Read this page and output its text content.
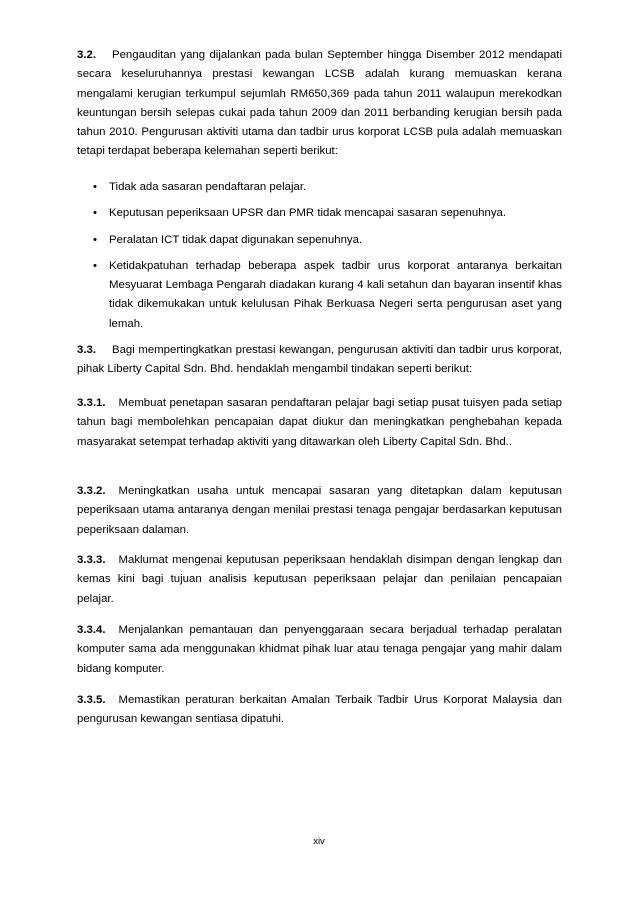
3.2. Pengauditan yang dijalankan pada bulan September hingga Disember 2012 mendapati secara keseluruhannya prestasi kewangan LCSB adalah kurang memuaskan kerana mengalami kerugian terkumpul sejumlah RM650,369 pada tahun 2011 walaupun merekodkan keuntungan bersih selepas cukai pada tahun 2009 dan 2011 berbanding kerugian bersih pada tahun 2010. Pengurusan aktiviti utama dan tadbir urus korporat LCSB pula adalah memuaskan tetapi terdapat beberapa kelemahan seperti berikut:

• Tidak ada sasaran pendaftaran pelajar.
• Keputusan peperiksaan UPSR dan PMR tidak mencapai sasaran sepenuhnya.
• Peralatan ICT tidak dapat digunakan sepenuhnya.
• Ketidakpatuhan terhadap beberapa aspek tadbir urus korporat antaranya berkaitan Mesyuarat Lembaga Pengarah diadakan kurang 4 kali setahun dan bayaran insentif khas tidak dikemukakan untuk kelulusan Pihak Berkuasa Negeri serta pengurusan aset yang lemah.

3.3. Bagi mempertingkatkan prestasi kewangan, pengurusan aktiviti dan tadbir urus korporat, pihak Liberty Capital Sdn. Bhd. hendaklah mengambil tindakan seperti berikut:

3.3.1. Membuat penetapan sasaran pendaftaran pelajar bagi setiap pusat tuisyen pada setiap tahun bagi membolehkan pencapaian dapat diukur dan meningkatkan penghebahan kepada masyarakat setempat terhadap aktiviti yang ditawarkan oleh Liberty Capital Sdn. Bhd..

3.3.2. Meningkatkan usaha untuk mencapai sasaran yang ditetapkan dalam keputusan peperiksaan utama antaranya dengan menilai prestasi tenaga pengajar berdasarkan keputusan peperiksaan dalaman.

3.3.3. Maklumat mengenai keputusan peperiksaan hendaklah disimpan dengan lengkap dan kemas kini bagi tujuan analisis keputusan peperiksaan pelajar dan penilaian pencapaian pelajar.

3.3.4. Menjalankan pemantauan dan penyenggaraan secara berjadual terhadap peralatan komputer sama ada menggunakan khidmat pihak luar atau tenaga pengajar yang mahir dalam bidang komputer.

3.3.5. Memastikan peraturan berkaitan Amalan Terbaik Tadbir Urus Korporat Malaysia dan pengurusan kewangan sentiasa dipatuhi.

xiv
